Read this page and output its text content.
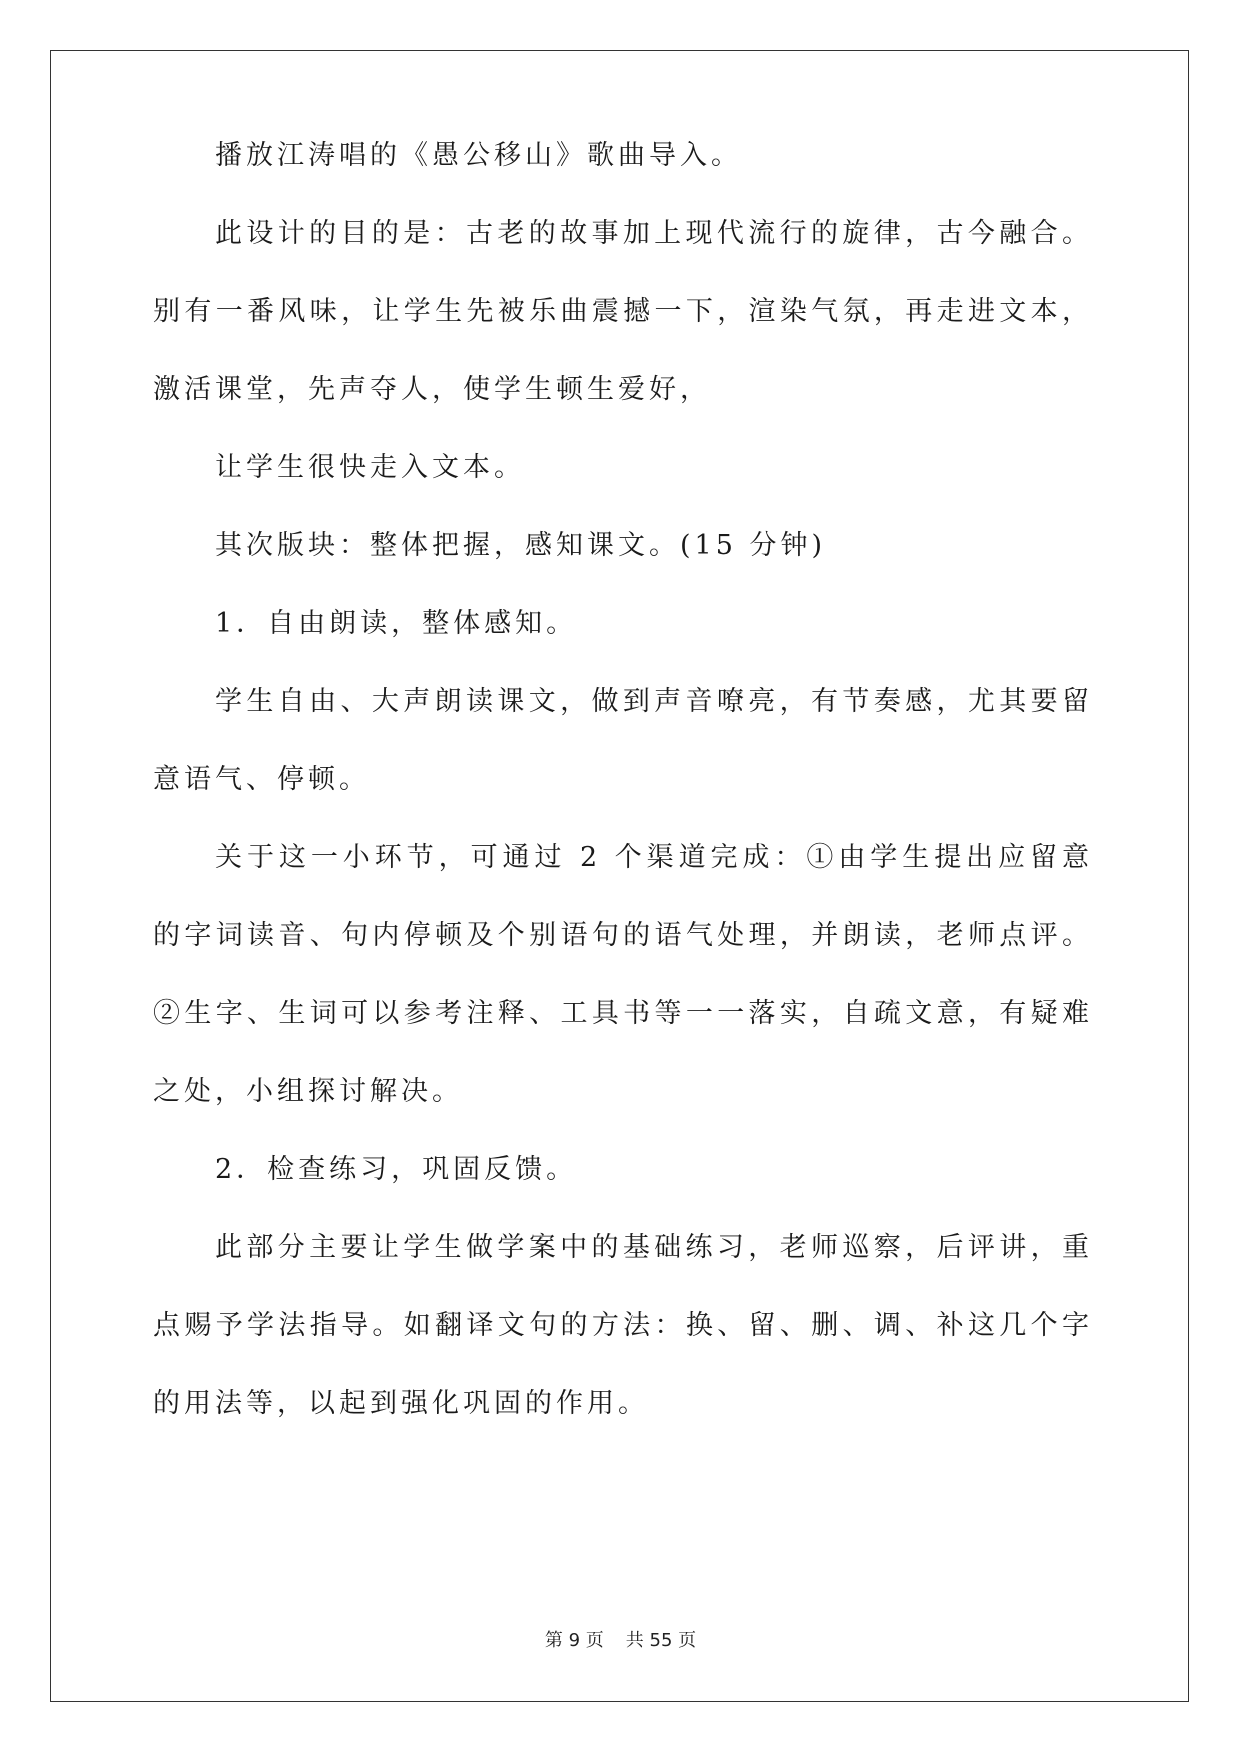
播放江涛唱的《愚公移山》歌曲导入。

此设计的目的是：古老的故事加上现代流行的旋律，古今融合。别有一番风味，让学生先被乐曲震撼一下，渲染气氛，再走进文本，激活课堂，先声夺人，使学生顿生爱好，

让学生很快走入文本。

其次版块：整体把握，感知课文。(15 分钟)

1．自由朗读，整体感知。

学生自由、大声朗读课文，做到声音嘹亮，有节奏感，尤其要留意语气、停顿。

关于这一小环节，可通过 2 个渠道完成：①由学生提出应留意的字词读音、句内停顿及个别语句的语气处理，并朗读，老师点评。②生字、生词可以参考注释、工具书等一一落实，自疏文意，有疑难之处，小组探讨解决。

2．检查练习，巩固反馈。

此部分主要让学生做学案中的基础练习，老师巡察，后评讲，重点赐予学法指导。如翻译文句的方法：换、留、删、调、补这几个字的用法等，以起到强化巩固的作用。

第 9 页 共 55 页
